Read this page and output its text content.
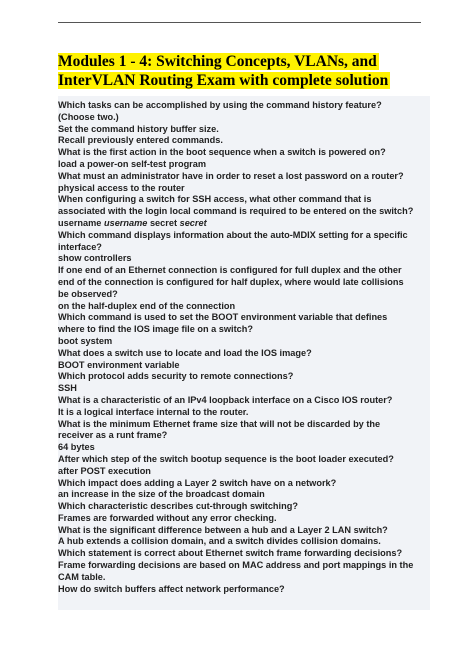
Modules 1 - 4: Switching Concepts, VLANs, and
InterVLAN Routing Exam with complete solution
Which tasks can be accomplished by using the command history feature?
(Choose two.)
Set the command history buffer size.
Recall previously entered commands.
What is the first action in the boot sequence when a switch is powered on?
load a power-on self-test program
What must an administrator have in order to reset a lost password on a router?
physical access to the router
When configuring a switch for SSH access, what other command that is
associated with the login local command is required to be entered on the switch?
username username secret secret
Which command displays information about the auto-MDIX setting for a specific
interface?
show controllers
If one end of an Ethernet connection is configured for full duplex and the other
end of the connection is configured for half duplex, where would late collisions
be observed?
on the half-duplex end of the connection
Which command is used to set the BOOT environment variable that defines
where to find the IOS image file on a switch?
boot system
What does a switch use to locate and load the IOS image?
BOOT environment variable
Which protocol adds security to remote connections?
SSH
What is a characteristic of an IPv4 loopback interface on a Cisco IOS router?
It is a logical interface internal to the router.
What is the minimum Ethernet frame size that will not be discarded by the
receiver as a runt frame?
64 bytes
After which step of the switch bootup sequence is the boot loader executed?
after POST execution
Which impact does adding a Layer 2 switch have on a network?
an increase in the size of the broadcast domain
Which characteristic describes cut-through switching?
Frames are forwarded without any error checking.
What is the significant difference between a hub and a Layer 2 LAN switch?
A hub extends a collision domain, and a switch divides collision domains.
Which statement is correct about Ethernet switch frame forwarding decisions?
Frame forwarding decisions are based on MAC address and port mappings in the
CAM table.
How do switch buffers affect network performance?
